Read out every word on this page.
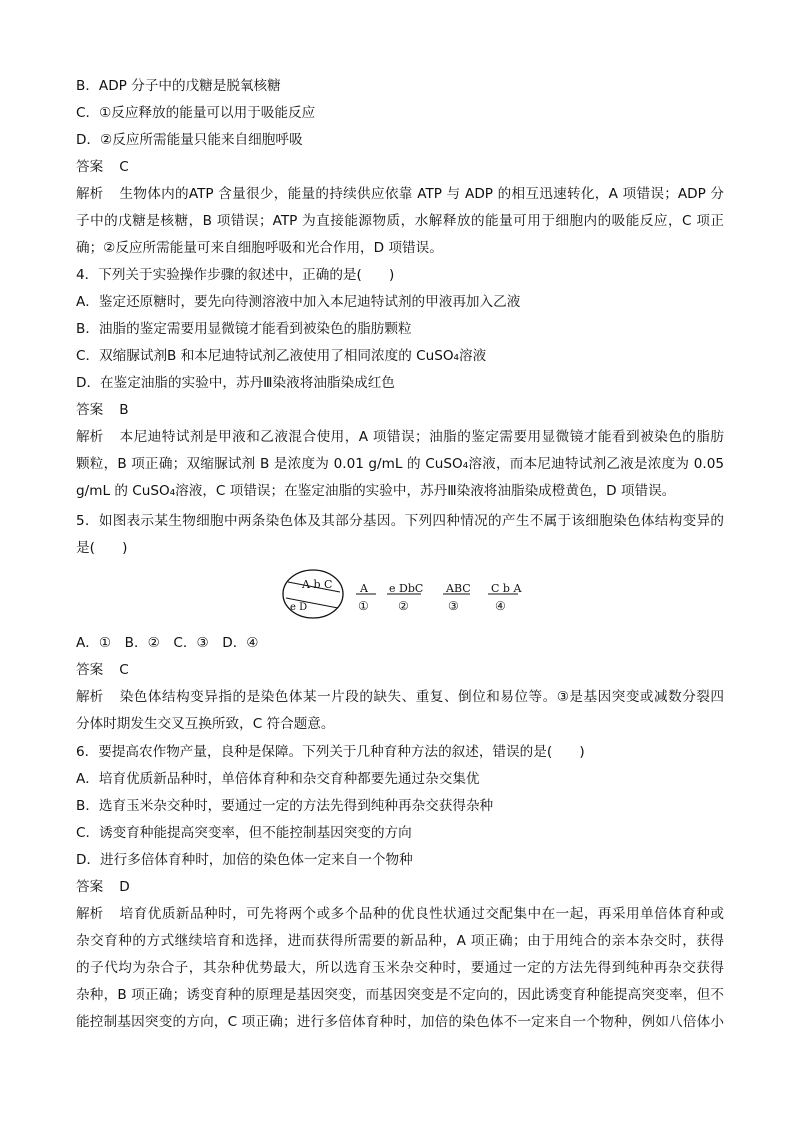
B．ADP 分子中的戊糖是脱氧核糖
C．①反应释放的能量可以用于吸能反应
D．②反应所需能量只能来自细胞呼吸
答案 C
解析 生物体内的ATP 含量很少，能量的持续供应依靠 ATP 与 ADP 的相互迅速转化，A 项错误；ADP 分
子中的戊糖是核糖，B 项错误；ATP 为直接能源物质，水解释放的能量可用于细胞内的吸能反应，C 项正
确；②反应所需能量可来自细胞呼吸和光合作用，D 项错误。
4．下列关于实验操作步骤的叙述中，正确的是(　　)
A．鉴定还原糖时，要先向待测溶液中加入本尼迪特试剂的甲液再加入乙液
B．油脂的鉴定需要用显微镜才能看到被染色的脂肪颗粒
C．双缩脲试剂B 和本尼迪特试剂乙液使用了相同浓度的 CuSO₄溶液
D．在鉴定油脂的实验中，苏丹Ⅲ染液将油脂染成红色
答案 B
解析 本尼迪特试剂是甲液和乙液混合使用，A 项错误；油脂的鉴定需要用显微镜才能看到被染色的脂肪
颗粒，B 项正确；双缩脲试剂 B 是浓度为 0.01 g/mL 的 CuSO₄溶液，而本尼迪特试剂乙液是浓度为 0.05
g/mL 的 CuSO₄溶液，C 项错误；在鉴定油脂的实验中，苏丹Ⅲ染液将油脂染成橙黄色，D 项错误。
5．如图表示某生物细胞中两条染色体及其部分基因。下列四种情况的产生不属于该细胞染色体结构变异的
是(　　)
A b C
e D
A
①
e DbC
②
ABC
③
C b A
④
A．①　B．②　C．③　D．④
答案 C
解析 染色体结构变异指的是染色体某一片段的缺失、重复、倒位和易位等。③是基因突变或减数分裂四
分体时期发生交叉互换所致，C 符合题意。
6．要提高农作物产量，良种是保障。下列关于几种育种方法的叙述，错误的是(　　)
A．培育优质新品种时，单倍体育种和杂交育种都要先通过杂交集优
B．选育玉米杂交种时，要通过一定的方法先得到纯种再杂交获得杂种
C．诱变育种能提高突变率，但不能控制基因突变的方向
D．进行多倍体育种时，加倍的染色体一定来自一个物种
答案 D
解析 培育优质新品种时，可先将两个或多个品种的优良性状通过交配集中在一起，再采用单倍体育种或
杂交育种的方式继续培育和选择，进而获得所需要的新品种，A 项正确；由于用纯合的亲本杂交时，获得
的子代均为杂合子，其杂种优势最大，所以选育玉米杂交种时，要通过一定的方法先得到纯种再杂交获得
杂种，B 项正确；诱变育种的原理是基因突变，而基因突变是不定向的，因此诱变育种能提高突变率，但不
能控制基因突变的方向，C 项正确；进行多倍体育种时，加倍的染色体不一定来自一个物种，例如八倍体小
